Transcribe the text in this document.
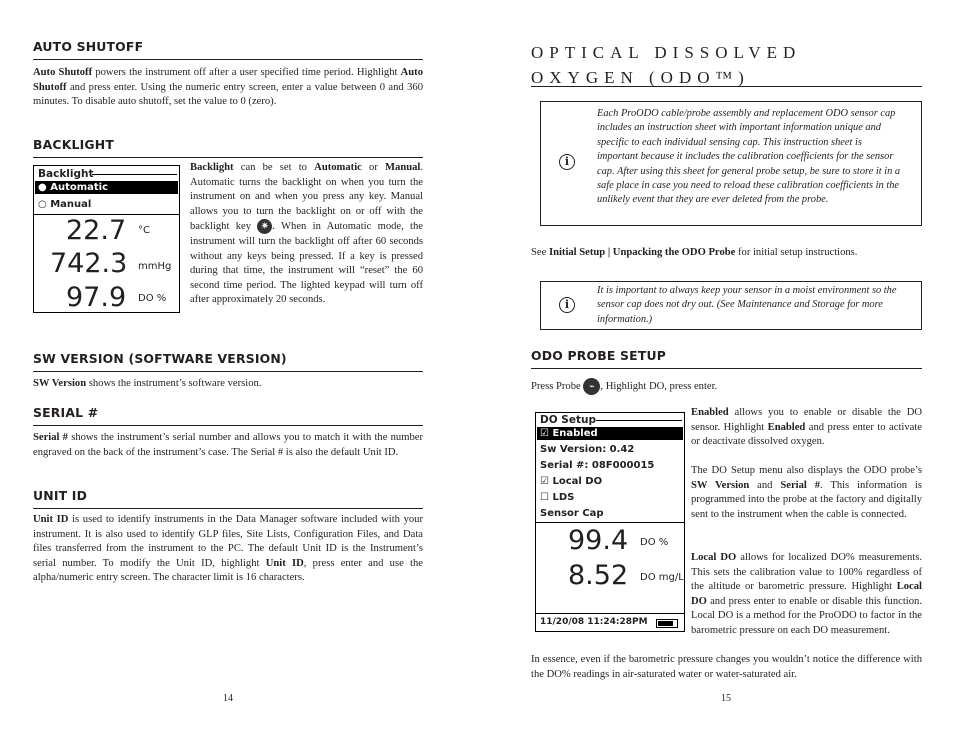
AUTO SHUTOFF

Auto Shutoff powers the instrument off after a user specified time period. Highlight Auto Shutoff and press enter. Using the numeric entry screen, enter a value between 0 and 360 minutes. To disable auto shutoff, set the value to 0 (zero).

BACKLIGHT
Backlight
● Automatic
○ Manual
22.7 °C
742.3 mmHg
97.9 DO %

Backlight can be set to Automatic or Manual. Automatic turns the backlight on when you turn the instrument on and when you press any key. Manual allows you to turn the backlight on or off with the backlight key ✷ . When in Automatic mode, the instrument will turn the backlight off after 60 seconds without any keys being pressed. If a key is pressed during that time, the instrument will “reset” the 60 second time period. The lighted keypad will turn off after approximately 20 seconds.

SW VERSION (SOFTWARE VERSION)

SW Version shows the instrument’s software version.

SERIAL #

Serial # shows the instrument’s serial number and allows you to match it with the number engraved on the back of the instrument’s case. The Serial # is also the default Unit ID.

UNIT ID

Unit ID is used to identify instruments in the Data Manager software included with your instrument. It is also used to identify GLP files, Site Lists, Configuration Files, and Data files transferred from the instrument to the PC. The default Unit ID is the Instrument’s serial number. To modify the Unit ID, highlight Unit ID, press enter and use the alpha/numeric entry screen. The character limit is 16 characters.

14
OPTICAL DISSOLVED OXYGEN (ODO™)
i
Each ProODO cable/probe assembly and replacement ODO sensor cap includes an instruction sheet with important information unique and specific to each individual sensing cap. This instruction sheet is important because it includes the calibration coefficients for the sensor cap. After using this sheet for general probe setup, be sure to store it in a safe place in case you need to reload these calibration coefficients in the unlikely event that they are ever deleted from the probe.

See Initial Setup | Unpacking the ODO Probe for initial setup instructions.

i
It is important to always keep your sensor in a moist environment so the sensor cap does not dry out. (See Maintenance and Storage for more information.)
ODO PROBE SETUP

Press Probe ⌁ , Highlight DO, press enter.

DO Setup
☑ Enabled
Sw Version: 0.42
Serial #: 08F000015
☑ Local DO
☐ LDS
Sensor Cap
99.4 DO %
8.52 DO mg/L
11/20/08 11:24:28PM

Enabled allows you to enable or disable the DO sensor. Highlight Enabled and press enter to activate or deactivate dissolved oxygen.

The DO Setup menu also displays the ODO probe’s SW Version and Serial #. This information is programmed into the probe at the factory and digitally sent to the instrument when the cable is connected.

Local DO allows for localized DO% measurements. This sets the calibration value to 100% regardless of the altitude or barometric pressure. Highlight Local DO and press enter to enable or disable this function. Local DO is a method for the ProODO to factor in the barometric pressure on each DO measurement.

In essence, even if the barometric pressure changes you wouldn’t notice the difference with the DO% readings in air-saturated water or water-saturated air.

15
